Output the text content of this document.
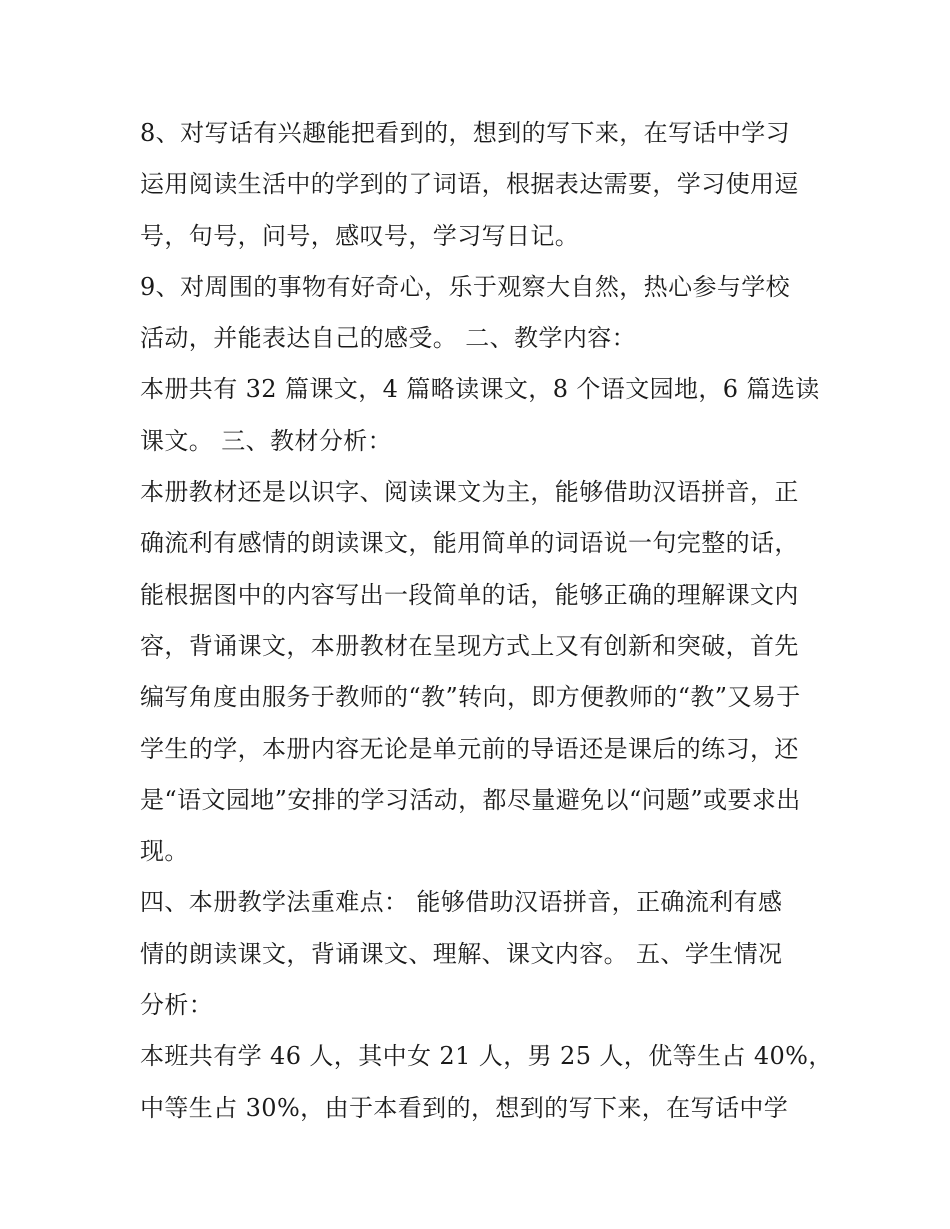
8、对写话有兴趣能把看到的，想到的写下来，在写话中学习
运用阅读生活中的学到的了词语，根据表达需要，学习使用逗
号，句号，问号，感叹号，学习写日记。
9、对周围的事物有好奇心，乐于观察大自然，热心参与学校
活动，并能表达自己的感受。 二、教学内容：
本册共有 32 篇课文，4 篇略读课文，8 个语文园地，6 篇选读
课文。 三、教材分析：
本册教材还是以识字、阅读课文为主，能够借助汉语拼音，正
确流利有感情的朗读课文，能用简单的词语说一句完整的话，
能根据图中的内容写出一段简单的话，能够正确的理解课文内
容，背诵课文，本册教材在呈现方式上又有创新和突破，首先
编写角度由服务于教师的“教”转向，即方便教师的“教”又易于
学生的学，本册内容无论是单元前的导语还是课后的练习，还
是“语文园地”安排的学习活动，都尽量避免以“问题”或要求出
现。
四、本册教学法重难点： 能够借助汉语拼音，正确流利有感
情的朗读课文，背诵课文、理解、课文内容。 五、学生情况
分析：
本班共有学 46 人，其中女 21 人，男 25 人，优等生占 40%，
中等生占 30%，由于本看到的，想到的写下来，在写话中学
